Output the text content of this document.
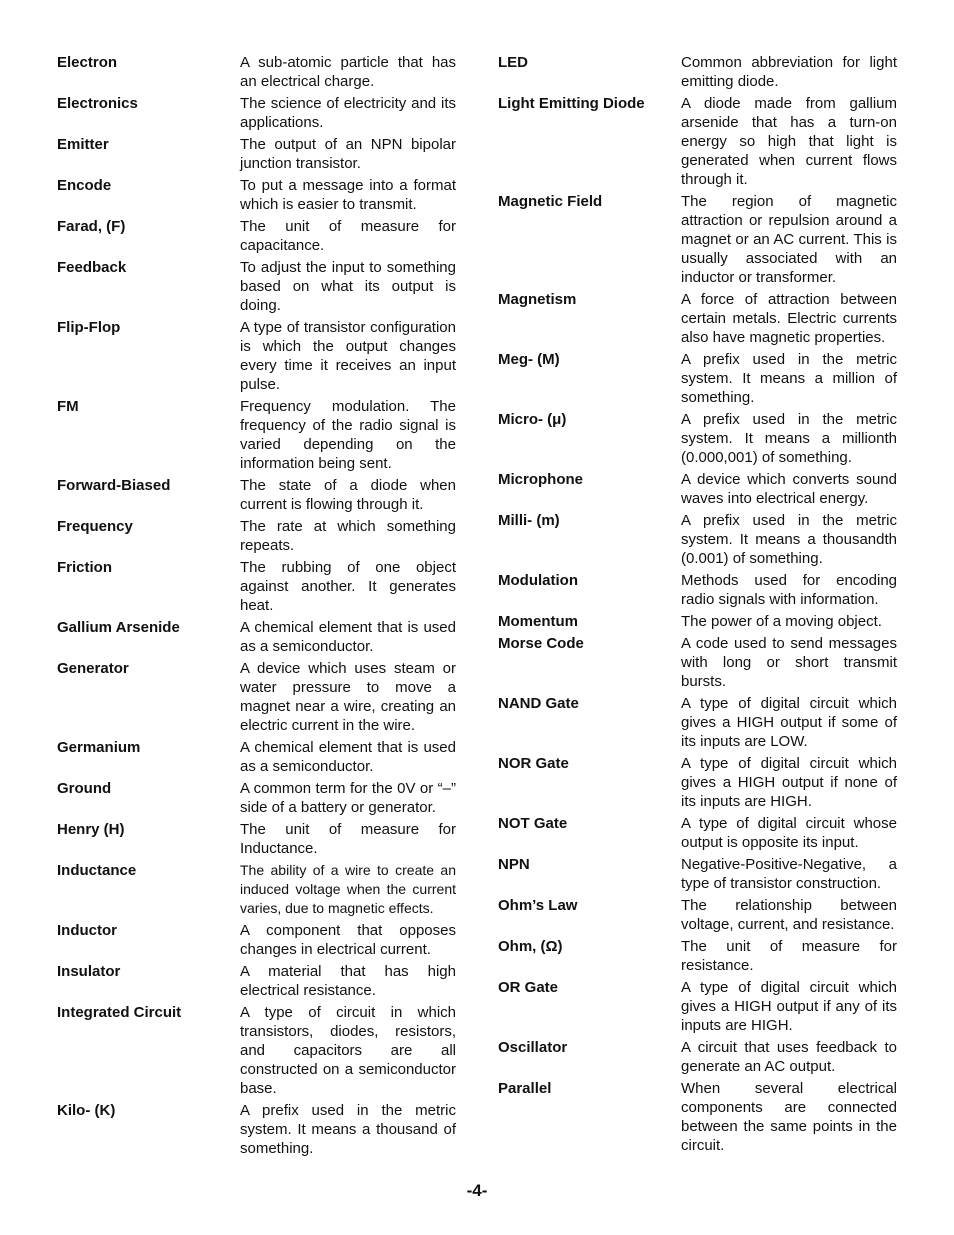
Electron	A sub-atomic particle that has an electrical charge.
Electronics	The science of electricity and its applications.
Emitter	The output of an NPN bipolar junction transistor.
Encode	To put a message into a format which is easier to transmit.
Farad, (F)	The unit of measure for capacitance.
Feedback	To adjust the input to something based on what its output is doing.
Flip-Flop	A type of transistor configuration is which the output changes every time it receives an input pulse.
FM	Frequency modulation. The frequency of the radio signal is varied depending on the information being sent.
Forward-Biased	The state of a diode when current is flowing through it.
Frequency	The rate at which something repeats.
Friction	The rubbing of one object against another. It generates heat.
Gallium Arsenide	A chemical element that is used as a semiconductor.
Generator	A device which uses steam or water pressure to move a magnet near a wire, creating an electric current in the wire.
Germanium	A chemical element that is used as a semiconductor.
Ground	A common term for the 0V or “–” side of a battery or generator.
Henry (H)	The unit of measure for Inductance.
Inductance	The ability of a wire to create an induced voltage when the current varies, due to magnetic effects.
Inductor	A component that opposes changes in electrical current.
Insulator	A material that has high electrical resistance.
Integrated Circuit	A type of circuit in which transistors, diodes, resistors, and capacitors are all constructed on a semiconductor base.
Kilo- (K)	A prefix used in the metric system. It means a thousand of something.
LED	Common abbreviation for light emitting diode.
Light Emitting Diode	A diode made from gallium arsenide that has a turn-on energy so high that light is generated when current flows through it.
Magnetic Field	The region of magnetic attraction or repulsion around a magnet or an AC current. This is usually associated with an inductor or transformer.
Magnetism	A force of attraction between certain metals. Electric currents also have magnetic properties.
Meg- (M)	A prefix used in the metric system. It means a million of something.
Micro- (μ)	A prefix used in the metric system. It means a millionth (0.000,001) of something.
Microphone	A device which converts sound waves into electrical energy.
Milli- (m)	A prefix used in the metric system. It means a thousandth (0.001) of something.
Modulation	Methods used for encoding radio signals with information.
Momentum	The power of a moving object.
Morse Code	A code used to send messages with long or short transmit bursts.
NAND Gate	A type of digital circuit which gives a HIGH output if some of its inputs are LOW.
NOR Gate	A type of digital circuit which gives a HIGH output if none of its inputs are HIGH.
NOT Gate	A type of digital circuit whose output is opposite its input.
NPN	Negative-Positive-Negative, a type of transistor construction.
Ohm’s Law	The relationship between voltage, current, and resistance.
Ohm, (Ω)	The unit of measure for resistance.
OR Gate	A type of digital circuit which gives a HIGH output if any of its inputs are HIGH.
Oscillator	A circuit that uses feedback to generate an AC output.
Parallel	When several electrical components are connected between the same points in the circuit.
-4-
